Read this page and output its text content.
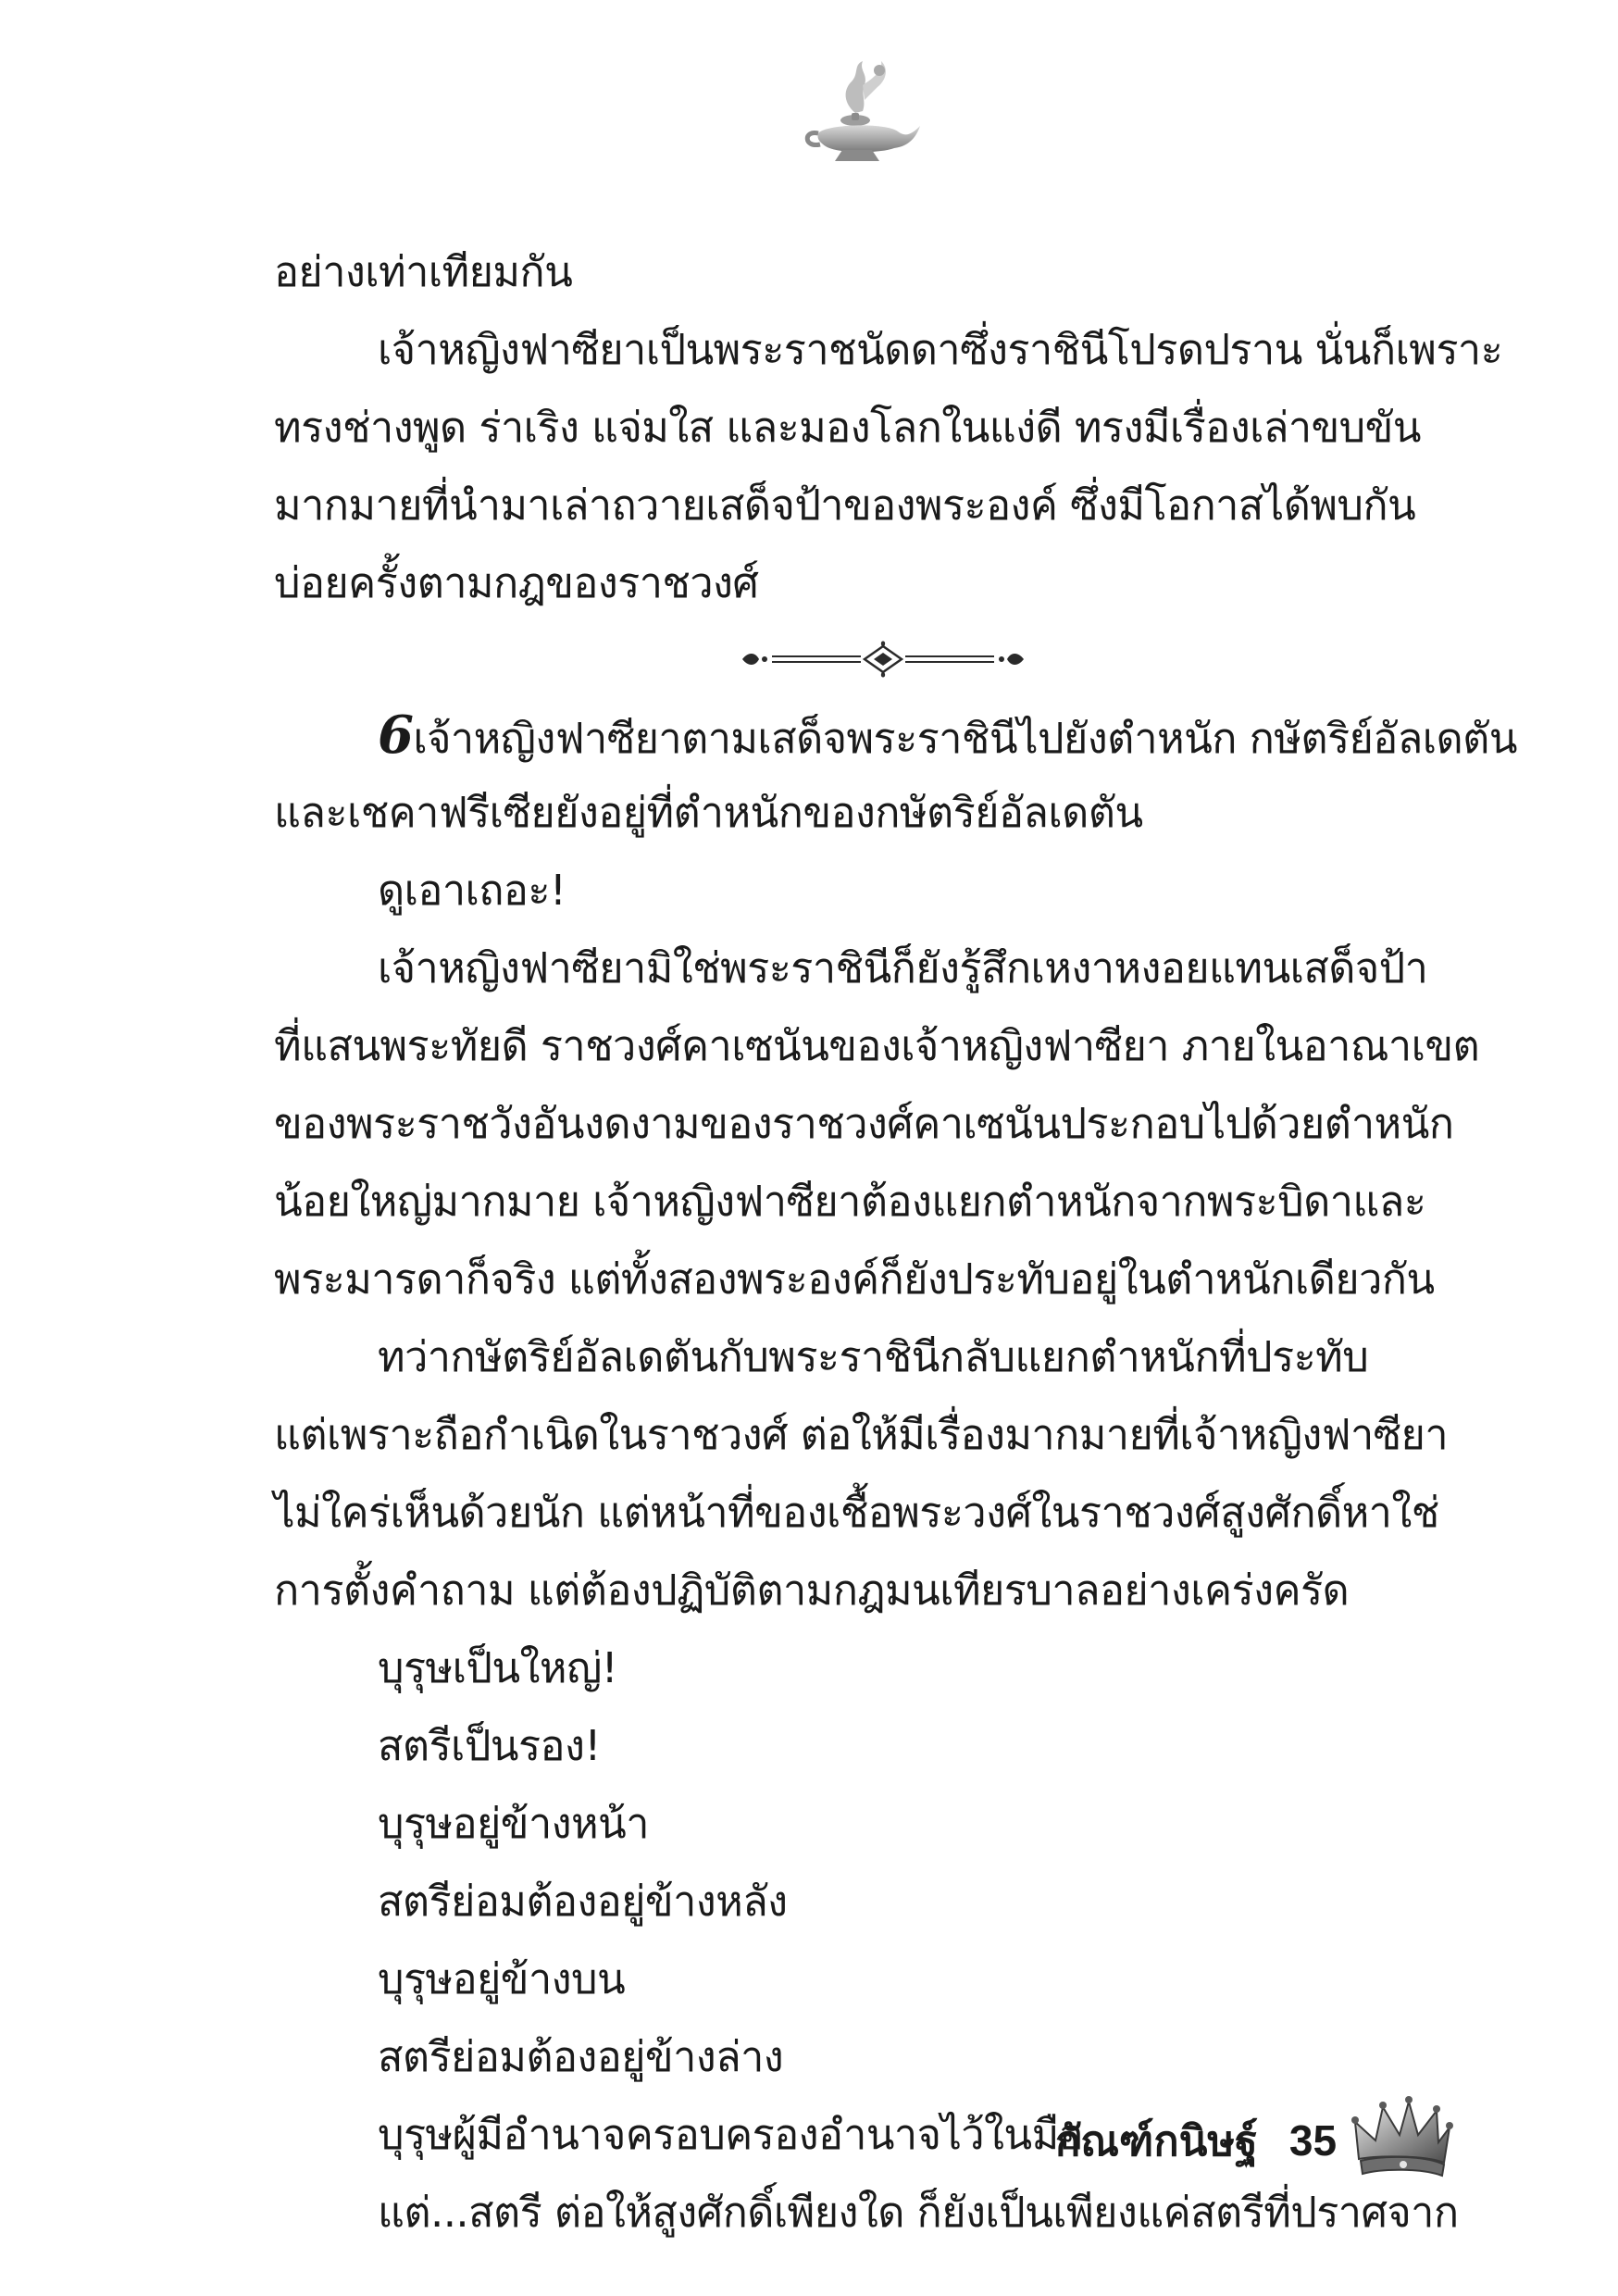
อย่างเท่าเทียมกัน
เจ้าหญิงฟาซียาเป็นพระราชนัดดาซึ่งราชินีโปรดปราน นั่นก็เพราะ
ทรงช่างพูด ร่าเริง แจ่มใส และมองโลกในแง่ดี ทรงมีเรื่องเล่าขบขัน
มากมายที่นำมาเล่าถวายเสด็จป้าของพระองค์ ซึ่งมีโอกาสได้พบกัน
บ่อยครั้งตามกฎของราชวงศ์
6เจ้าหญิงฟาซียาตามเสด็จพระราชินีไปยังตำหนัก กษัตริย์อัลเดตัน
และเชคาฟรีเซียยังอยู่ที่ตำหนักของกษัตริย์อัลเดตัน
ดูเอาเถอะ!
เจ้าหญิงฟาซียามิใช่พระราชินีก็ยังรู้สึกเหงาหงอยแทนเสด็จป้า
ที่แสนพระทัยดี ราชวงศ์คาเซนันของเจ้าหญิงฟาซียา ภายในอาณาเขต
ของพระราชวังอันงดงามของราชวงศ์คาเซนันประกอบไปด้วยตำหนัก
น้อยใหญ่มากมาย เจ้าหญิงฟาซียาต้องแยกตำหนักจากพระบิดาและ
พระมารดาก็จริง แต่ทั้งสองพระองค์ก็ยังประทับอยู่ในตำหนักเดียวกัน
ทว่ากษัตริย์อัลเดตันกับพระราชินีกลับแยกตำหนักที่ประทับ
แต่เพราะถือกำเนิดในราชวงศ์ ต่อให้มีเรื่องมากมายที่เจ้าหญิงฟาซียา
ไม่ใคร่เห็นด้วยนัก แต่หน้าที่ของเชื้อพระวงศ์ในราชวงศ์สูงศักดิ์หาใช่
การตั้งคำถาม แต่ต้องปฏิบัติตามกฎมนเทียรบาลอย่างเคร่งครัด
บุรุษเป็นใหญ่!
สตรีเป็นรอง!
บุรุษอยู่ข้างหน้า
สตรีย่อมต้องอยู่ข้างหลัง
บุรุษอยู่ข้างบน
สตรีย่อมต้องอยู่ข้างล่าง
บุรุษผู้มีอำนาจครอบครองอำนาจไว้ในมือ
แต่...สตรี ต่อให้สูงศักดิ์เพียงใด ก็ยังเป็นเพียงแค่สตรีที่ปราศจาก
กัณฑ์กนิษฐ์ 35
